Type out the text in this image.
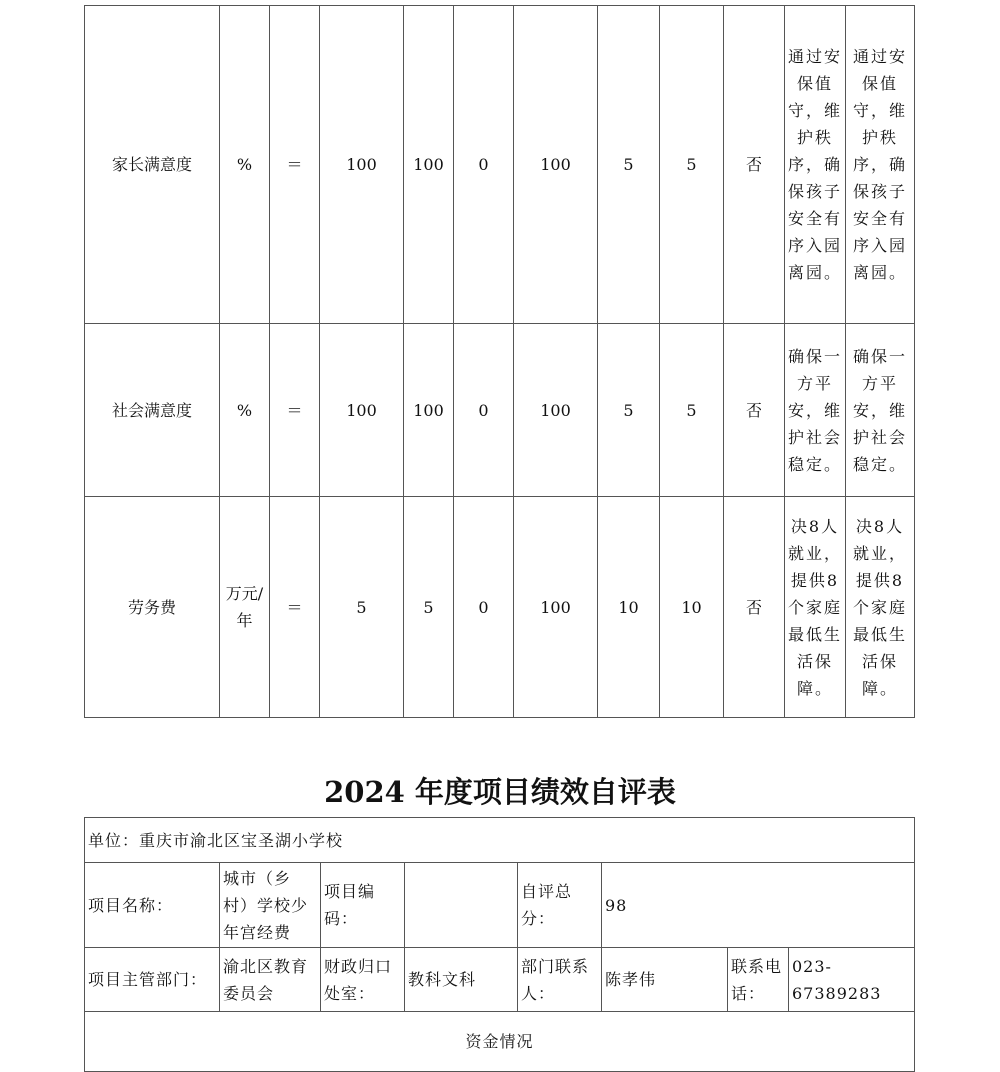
家长满意度	%	＝	100	100	0	100	5	5	否	通过安保值守，维护秩序，确保孩子安全有序入园离园。	通过安保值守，维护秩序，确保孩子安全有序入园离园。
社会满意度	%	＝	100	100	0	100	5	5	否	确保一方平安，维护社会稳定。	确保一方平安，维护社会稳定。
劳务费	万元/年	＝	5	5	0	100	10	10	否	决8人就业，提供8个家庭最低生活保障。	决8人就业，提供8个家庭最低生活保障。
2024 年度项目绩效自评表
单位：重庆市渝北区宝圣湖小学校							
项目名称：	城市（乡村）学校少年宫经费	项目编码：		自评总分：	98		
项目主管部门：	渝北区教育委员会	财政归口处室：	教科文科	部门联系人：	陈孝伟	联系电话：	023-67389283
资金情况							
